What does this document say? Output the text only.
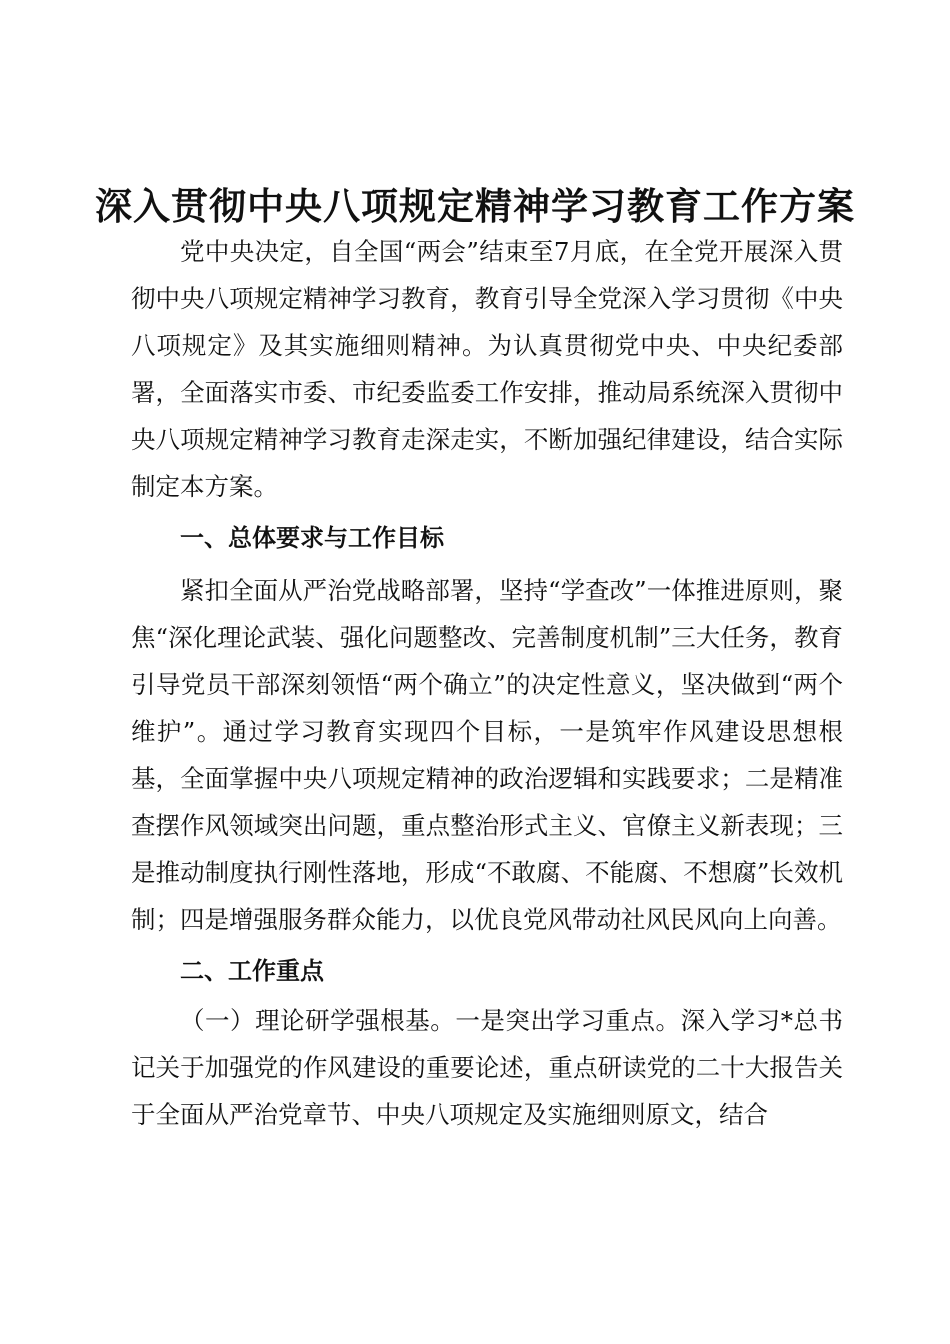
深入贯彻中央八项规定精神学习教育工作方案

党中央决定，自全国“两会”结束至7月底，在全党开展深入贯彻中央八项规定精神学习教育，教育引导全党深入学习贯彻《中央八项规定》及其实施细则精神。为认真贯彻党中央、中央纪委部署，全面落实市委、市纪委监委工作安排，推动局系统深入贯彻中央八项规定精神学习教育走深走实，不断加强纪律建设，结合实际制定本方案。

一、总体要求与工作目标

紧扣全面从严治党战略部署，坚持“学查改”一体推进原则，聚焦“深化理论武装、强化问题整改、完善制度机制”三大任务，教育引导党员干部深刻领悟“两个确立”的决定性意义，坚决做到“两个维护”。通过学习教育实现四个目标，一是筑牢作风建设思想根基，全面掌握中央八项规定精神的政治逻辑和实践要求；二是精准查摆作风领域突出问题，重点整治形式主义、官僚主义新表现；三是推动制度执行刚性落地，形成“不敢腐、不能腐、不想腐”长效机制；四是增强服务群众能力，以优良党风带动社风民风向上向善。

二、工作重点

（一）理论研学强根基。一是突出学习重点。深入学习*总书记关于加强党的作风建设的重要论述，重点研读党的二十大报告关于全面从严治党章节、中央八项规定及实施细则原文，结合
